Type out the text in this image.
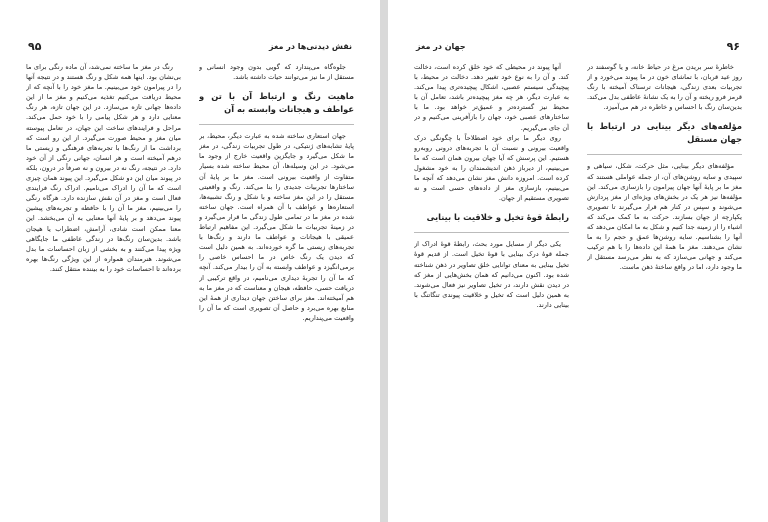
نقش دیدنی‌ها در مغز
۹۵

جلوه‌گاه می‌پندارد که گویی بدون وجود انسانی و مستقل از ما نیز می‌توانند حیات داشته باشد.

ماهیت رنگ و ارتباط آن با تن و عواطف و هیجانات وابسته به آن

جهان استعاری ساخته شده به عبارت دیگر، محیط، بر پایهٔ تشابه‌های ژنتیکی، در طول تجربیات زندگی، در مغز ما شکل می‌گیرد و جایگزین واقعیت خارج از وجود ما می‌شود. در این وسیله‌ها، آن محیط ساخته شده بسیار متفاوت از واقعیت بیرونی است. مغز ما بر پایهٔ آن ساختارها تجربیات جدیدی را بنا می‌کند. رنگ و واقعیتی مستقل را در این مغز ساخته و با شکل و رنگ تشبیه‌ها، استعاره‌ها و عواطف با آن همراه است. جهان ساخته شده در مغز ما در تمامی طول زندگی ما قرار می‌گیرد و در زمینهٔ تجربیات ما شکل می‌گیرد. این مفاهیم ارتباط عمیقی با هیجانات و عواطف ما دارند و رنگ‌ها با تجربه‌های زیستی ما گره خورده‌اند. به همین دلیل است که دیدن یک رنگ خاص در ما احساس خاصی را برمی‌انگیزد و عواطف وابسته به آن را بیدار می‌کند. آنچه که ما آن را تجربهٔ دیداری می‌نامیم، در واقع ترکیبی از دریافت حسی، حافظه، هیجان و معناست که در مغز ما به هم آمیخته‌اند. مغز برای ساختن جهان دیداری از همهٔ این منابع بهره می‌برد و حاصل آن تصویری است که ما آن را واقعیت می‌پنداریم.

رنگ در مغز ما ساخته نمی‌شد، آن ماده رنگی برای ما بی‌نشان بود. اینها همه شکل و رنگ هستند و در نتیجه آنها را در پیرامون خود می‌بینیم. ما مغز خود را با آنچه که از محیط دریافت می‌کنیم تغذیه می‌کنیم و مغز ما از این داده‌ها جهانی تازه می‌سازد. در این جهان تازه، هر رنگ معنایی دارد و هر شکل پیامی را با خود حمل می‌کند. مراحل و فرایندهای ساخت این جهان، در تعامل پیوسته میان مغز و محیط صورت می‌گیرد. از این رو است که برداشت ما از رنگ‌ها با تجربه‌های فرهنگی و زیستی ما درهم آمیخته است و هر انسان، جهانی رنگی از آن خود دارد. در نتیجه، رنگ نه در بیرون و نه صرفاً در درون، بلکه در پیوند میان این دو شکل می‌گیرد. این پیوند همان چیزی است که ما آن را ادراک می‌نامیم. ادراک رنگ فرایندی فعال است و مغز در آن نقش سازنده دارد. هرگاه رنگی را می‌بینیم، مغز ما آن را با حافظه و تجربه‌های پیشین پیوند می‌دهد و بر پایهٔ آنها معنایی به آن می‌بخشد. این معنا ممکن است شادی، آرامش، اضطراب یا هیجان باشد. بدین‌سان رنگ‌ها در زندگی عاطفی ما جایگاهی ویژه پیدا می‌کنند و به بخشی از زبان احساسات ما بدل می‌شوند. هنرمندان همواره از این ویژگی رنگ‌ها بهره برده‌اند تا احساسات خود را به بیننده منتقل کنند.

۹۶
جهان در مغز

خاطرهٔ سر بریدن مرغ در حیاط خانه، و یا گوسفند در روز عید قربان، با تماشای خون در ما پیوند می‌خورد و از تجربیات بعدی زندگی، هیجانات ترسناک آمیخته با رنگ قرمز فرو ریخته و آن را به یک نشانهٔ عاطفی بدل می‌کند. بدین‌سان رنگ با احساس و خاطره در هم می‌آمیزد.

مؤلفه‌های دیگر بینایی در ارتباط با جهان مستقل

مؤلفه‌های دیگر بینایی، مثل حرکت، شکل، سیاهی و سپیدی و سایه روشن‌های آن، از جمله عواملی هستند که مغز ما بر پایهٔ آنها جهان پیرامون را بازسازی می‌کند. این مؤلفه‌ها نیز هر یک در بخش‌های ویژه‌ای از مغز پردازش می‌شوند و سپس در کنار هم قرار می‌گیرند تا تصویری یکپارچه از جهان بسازند. حرکت به ما کمک می‌کند که اشیاء را از زمینه جدا کنیم و شکل به ما امکان می‌دهد که آنها را بشناسیم. سایه روشن‌ها عمق و حجم را به ما نشان می‌دهند. مغز ما همهٔ این داده‌ها را با هم ترکیب می‌کند و جهانی می‌سازد که به نظر می‌رسد مستقل از ما وجود دارد، اما در واقع ساختهٔ ذهن ماست.

آنها پیوند در محیطی که خود خلق کرده است، دخالت کند. و آن را به نوع خود تغییر دهد. دخالت در محیط، با پیچیدگی سیستم عصبی، اشکال پیچیده‌تری پیدا می‌کند. به عبارت دیگر، هر چه مغز پیچیده‌تر باشد، تعامل آن با محیط نیز گسترده‌تر و عمیق‌تر خواهد بود. ما با ساختارهای عصبی خود، جهان را بازآفرینی می‌کنیم و در آن جای می‌گیریم.

روی دیگر ما برای خود اصطلاحاً با چگونگی درک واقعیت بیرونی و نسبت آن با تجربه‌های درونی روبه‌رو هستیم. این پرسش که آیا جهان بیرون همان است که ما می‌بینیم، از دیرباز ذهن اندیشمندان را به خود مشغول کرده است. امروزه دانش مغز نشان می‌دهد که آنچه ما می‌بینیم، بازسازی مغز از داده‌های حسی است و نه تصویری مستقیم از جهان.

رابطهٔ قوهٔ تخیل و خلاقیت با بینایی

یکی دیگر از مسایل مورد بحث، رابطهٔ قوهٔ ادراک از جمله قوهٔ درک بینایی با قوهٔ تخیل است. از قدیم قوهٔ تخیل بینایی به معنای توانایی خلق تصاویر در ذهن شناخته شده بود. اکنون می‌دانیم که همان بخش‌هایی از مغز که در دیدن نقش دارند، در تخیل تصاویر نیز فعال می‌شوند. به همین دلیل است که تخیل و خلاقیت پیوندی تنگاتنگ با بینایی دارند.
